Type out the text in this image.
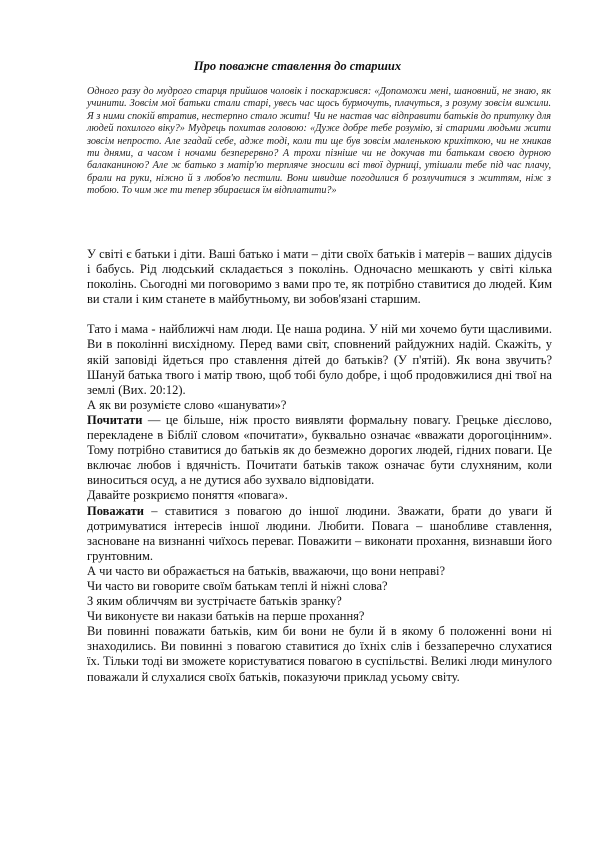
Про поважне ставлення до старших
Одного разу до мудрого старця прийшов чоловік і поскаржився: «Допоможи мені, шановний, не знаю, як учинити. Зовсім мої батьки стали старі, увесь час щось бурмочуть, плачуться, з розуму зовсім вижили. Я з ними спокій втратив, нестерпно стало жити! Чи не настав час відправити батьків до притулку для людей похилого віку?» Мудрець похитав головою: «Дуже добре тебе розумію, зі старими людьми жити зовсім непросто. Але згадай себе, адже тоді, коли ти ще був зовсім маленькою крихіткою, чи не хникав ти днями, а часом і ночами безперервно? А трохи пізніше чи не докучав ти батькам своєю дурною балаканиною? Але ж батько з матір'ю терпляче зносили всі твої дурниці, утішали тебе під час плачу, брали на руки, ніжно й з любов'ю пестили. Вони швидше погодилися б розлучитися з життям, ніж з тобою. То чим же ти тепер збираєшся їм відплатити?»

У світі є батьки і діти. Ваші батько і мати – діти своїх батьків і матерів – ваших дідусів і бабусь. Рід людський складається з поколінь. Одночасно мешкають у світі кілька поколінь. Сьогодні ми поговоримо з вами про те, як потрібно ставитися до людей. Ким ви стали і ким станете в майбутньому, ви зобов'язані старшим.

Тато і мама - найближчі нам люди. Це наша родина. У ній ми хочемо бути щасливими. Ви в поколінні висхідному. Перед вами світ, сповнений райдужних надій. Скажіть, у якій заповіді йдеться про ставлення дітей до батьків? (У п'ятій). Як вона звучить? Шануй батька твого і матір твою, щоб тобі було добре, і щоб продовжилися дні твої на землі (Вих. 20:12).

А як ви розумієте слово «шанувати»?

Почитати — це більше, ніж просто виявляти формальну повагу. Грецьке дієслово, перекладене в Біблії словом «почитати», буквально означає «вважати дорогоцінним». Тому потрібно ставитися до батьків як до безмежно дорогих людей, гідних поваги. Це включає любов і вдячність. Почитати батьків також означає бути слухняним, коли виноситься осуд, а не дутися або зухвало відповідати.

Давайте розкриємо поняття «повага».

Поважати – ставитися з повагою до іншої людини. Зважати, брати до уваги й дотримуватися інтересів іншої людини. Любити. Повага – шанобливе ставлення, засноване на визнанні чиїхось переваг. Поважити – виконати прохання, визнавши його грунтовним.

А чи часто ви ображається на батьків, вважаючи, що вони неправі?

Чи часто ви говорите своїм батькам теплі й ніжні слова?

З яким обличчям ви зустрічаєте батьків зранку?

Чи виконуєте ви накази батьків на перше прохання?

Ви повинні поважати батьків, ким би вони не були й в якому б положенні вони ні знаходились. Ви повинні з повагою ставитися до їхніх слів і беззаперечно слухатися їх. Тільки тоді ви зможете користуватися повагою в суспільстві. Великі люди минулого поважали й слухалися своїх батьків, показуючи приклад усьому світу.
